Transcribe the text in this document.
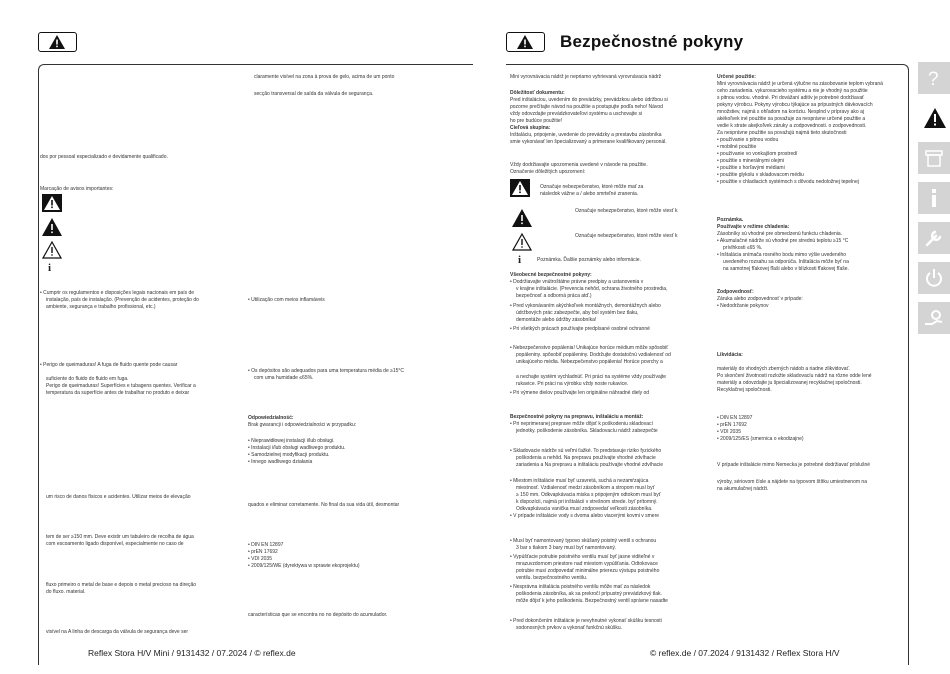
claramente visível na zona à prova de gelo, acima de um ponto
secção transversal de saída da válvula de segurança.
dos por pessoal especializado e devidamente qualificado.
Marcação de avisos importantes:
i
• Cumprir os regulamentos e disposições legais nacionais em país de
instalação, país de instalação. (Prevenção de acidentes, proteção do
ambiente, segurança e trabalho profissional, etc.)
• Utilização com meios inflamáveis
• Perigo de queimaduras! A fuga de fluido quente pode causar
suficiente do fluido do fluido em fuga.
Perigo de queimaduras! Superfícies e tubagens quentes. Verificar a
temperatura da superfície antes de trabalhar no produto e deixar
• Os depósitos são adequados para uma temperatura média de ≥15°C
com uma humidade ≤65%.
Odpowiedzialność:
Brak gwarancji i odpowiedzialności w przypadku:
• Nieprawidłowej instalacji i/lub obsługi.
• Instalacji i/lub obsługi wadliwego produktu.
• Samodzielnej modyfikacji produktu.
• Innego wadliwego działania
um risco de danos físicos e acidentes. Utilizar meios de elevação
quados e eliminar corretamente. No final da sua vida útil, desmontar
tem de ser ≥150 mm. Deve existir um tabuleiro de recolha de água
com escoamento ligado disponível, especialmente no caso de
•	DIN EN 12897
• prEN 17692
• VDI 2035
• 2009/125/WE (dyrektywa w sprawie ekoprojektu)
fluxo primeiro o metal de base e depois o metal precioso na direção
do fluxo. material.
características que se encontra no no depósito do acumulador.
visível na A linha de descarga da válvula de segurança deve ser
Reflex Stora H/V Mini / 9131432 / 07.2024 / © reflex.de
Bezpečnostné pokyny
Mini vyrovnávacia nádrž je nepriamo vyhrievaná vyrovnávacia nádrž
Dôležitosť dokumentu:
Pred inštaláciou, uvedením do prevádzky, prevádzkou alebo údržbou si
pozorne prečítajte návod na použitie a postupujte podľa neho! Návod
vždy odovzdajte prevádzkovateľovi systému a uschovajte si
ho pre budúce použitie!
Cieľová skupina:
Inštaláciu, pripojenie, uvedenie do prevádzky a prestavbu zásobníka
smie vykonávať len špecializovaný a primerane kvalifikovaný personál.
Vždy dodržiavajte upozornenia uvedené v návode na použitie.
Označenie dôležitých upozornení:
Označuje nebezpečenstvo, ktoré môže mať za
následok vážne a / alebo smrteľné zranenia.
Označuje nebezpečenstvo, ktoré môže viesť k
Označuje nebezpečenstvo, ktoré môže viesť k
i	Poznámka. Ďalšie poznámky alebo informácie.
Všeobecné bezpečnostné pokyny:
• Dodržiavajte vnútroštátne právne predpisy a ustanovenia v
v krajine inštalácie. (Prevencia nehôd, ochrana životného prostredia,
bezpečnosť a odborná práca atď.)
• Pred vykonávaním akýchkoľvek montážnych, demontážnych alebo
údržbových prác zabezpečte, aby bol systém bez tlaku,
demontáže alebo údržby zásobníka!
• Pri všetkých prácach používajte predpísané osobné ochranné
• Nebezpečenstvo popálenia! Unikajúce horúce médium môže spôsobiť
popáleniny. spôsobiť popáleniny. Dodržujte dostatočnú vzdialenosť od
unikajúceho média. Nebezpečenstvo popálenia! Horúce povrchy a
a nechajte systém vychladnúť. Pri práci na systéme vždy používajte
rukavice. Pri práci na výrobku vždy noste rukavice.
• Pri výmene dielov používajte len originálne náhradné diely od
Bezpečnostné pokyny na prepravu, inštaláciu a montáž:
• Pri neprimeranej preprave môže dôjsť k poškodeniu skladovací
jednotky. poškodenie zásobníka. Skladovacíu nádrž zabezpečte
• Skladovacie nádrže sú veľmi ťažké. To predstavuje riziko fyzického
poškodenia a nehôd. Na prepravu používajte vhodné zdvíhacie
zariadenia a Na prepravu a inštaláciu používajte vhodné zdvíhacie
• Miestom inštalácie musí byť uzavretá, suchá a nezamŕzajúca
miestnosť. Vzdialenosť medzi zásobníkom a stropom musí byť
≥ 150 mm. Odkvapkávacia miska s pripojeným odtokom musí byť
k dispozícii, najmä pri inštalácii v strešnom strede. byť prítomný.
Odkvapkávacia vanička musí zodpovedať veľkosti zásobníka.
• V prípade inštalácie vody s dvoma alebo viacerými kovmi v smere
• Musí byť namontovaný typovo skúšaný poistný ventil s ochranou
3 bar s tlakom 3 bary musí byť namontovaný.
• Vypúšťacie potrubie poistného ventilu musí byť jasne viditeľné v
mrazuvzdornom priestore nad miestom vypúšťania. Odtokovace
potrubie musí zodpovedať minimálne prierezu výstupu poistného
ventilu. bezpečnostného ventilu.
• Nesprávna inštalácia poistného ventilu môže mať za následok
poškodenia zásobníka, ak sa prekročí prípustný prevádzkový tlak.
môže dôjsť k jeho poškodeniu. Bezpečnostný ventil správne nasadte
• Pred dokončením inštalácie je nevyhnutné vykonať skúšku tesnosti
sodonosných prvkov a vykonať funkčnú skúšku.
Určené použitie:
Mini vyrovnávacia nádrž je určená výlučne na zásobovanie teplom vybraná
ceho zariadenia. vykurovacieho systému a nie je vhodný na použitie
s pitnou vodou. vhodné. Pri dovážaní aditív je potrebné dodržiavať
pokyny výrobcu. Pokyny výrobcu týkajúce sa prípustných dávkovacích
množstiev, najmä s ohľadom na koróziu. Nesplnd v prípravy ako aj
akékoľvek iné použitie sa považuje za nesprávne určené použitie a
vedie k strate akejkoľvek záruky a zodpovednosti. o zodpovednosti.
Za nesprávne použitie sa považujú najmä tieto skutočnosti
• používanie s pitnou vodou
• mobilné použitie
• používanie vo vonkajšom prostredí
• použitie s minerálnymi olejmi
• použitie s horľavými médiami
• použitie glykolu v skladovacom médiu
• použitie v chladiacich systémoch s dôvodu nedoložnej tepelnej
Poznámka.
Používajte v režime chladenia:
Zásobníky sú vhodné pre obmedzenú funkciu chladenia.
• Akumulačné nádrže sú vhodné pre strednú teplotu ≥15 °C
prívlhkosti ≤65 %.
• Inštalácia snímača rosného bodu mimo výšie uvedeného
uvedeného rozsahu sa odporúča. Inštalácia môže byť na
na samotnej fľakovej fľaši alebo v blízkosti fľakovej fľaše.
Zodpovednosť:
Záruka alebo zodpovednosť v prípade:
• Nedodržanie pokynov
Likvidácia:
materiály do vhodných zberných nádob a riadne zlikvidovať.
Po skončení životnosti rozložte skladovacíu nádrž na rôzne odde lené
materiály a odovzdajte ju špecializovanej recyklačnej spoločnosti.
Recyklačnej spoločnosti.
• DIN EN 12897
• prEN 17692
• VDI 2035
• 2009/125/ES (smernica o ekodizajne)
V prípade inštalácie mimo Nemecka je potrebné dodržiavať príslušné
výroby, sériovom čísle a nájdete na typovom štítku umiestnenom na
na akumulačnej nádrži.
© reflex.de / 07.2024 / 9131432 / Reflex Stora H/V
?
